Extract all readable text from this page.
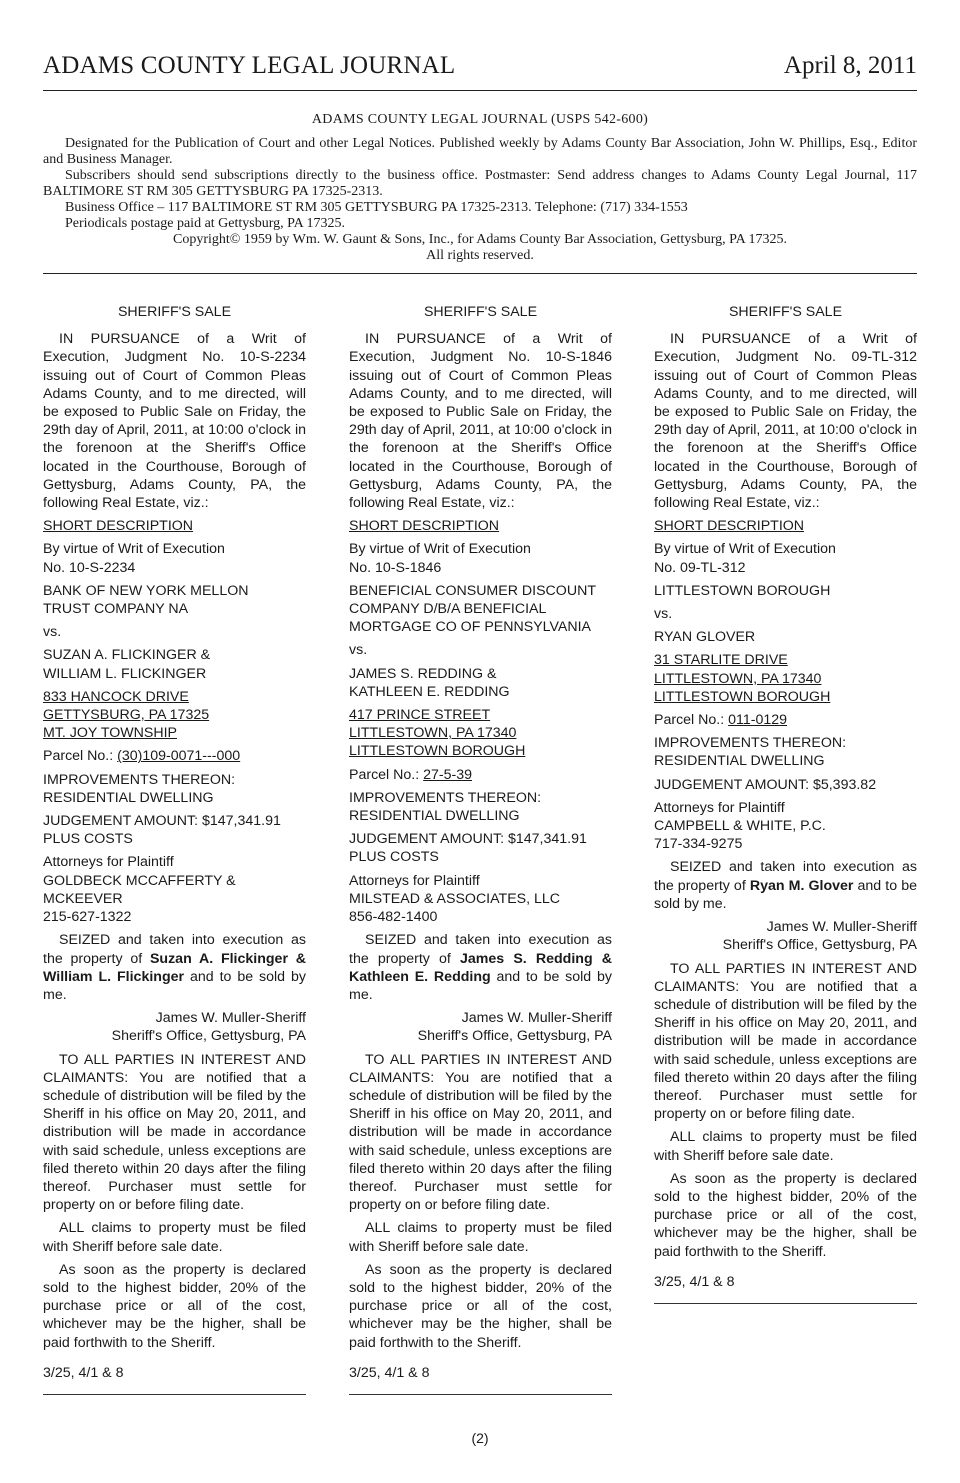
ADAMS COUNTY LEGAL JOURNAL	April 8, 2011

ADAMS COUNTY LEGAL JOURNAL (USPS 542-600)

Designated for the Publication of Court and other Legal Notices. Published weekly by Adams County Bar Association, John W. Phillips, Esq., Editor and Business Manager.

Subscribers should send subscriptions directly to the business office. Postmaster: Send address changes to Adams County Legal Journal, 117 BALTIMORE ST RM 305 GETTYSBURG PA 17325-2313.

Business Office – 117 BALTIMORE ST RM 305 GETTYSBURG PA 17325-2313. Telephone: (717) 334-1553

Periodicals postage paid at Gettysburg, PA 17325.

Copyright© 1959 by Wm. W. Gaunt & Sons, Inc., for Adams County Bar Association, Gettysburg, PA 17325.

All rights reserved.

SHERIFF'S SALE

IN PURSUANCE of a Writ of Execution, Judgment No. 10-S-2234 issuing out of Court of Common Pleas Adams County, and to me directed, will be exposed to Public Sale on Friday, the 29th day of April, 2011, at 10:00 o'clock in the forenoon at the Sheriff's Office located in the Courthouse, Borough of Gettysburg, Adams County, PA, the following Real Estate, viz.:

SHORT DESCRIPTION

By virtue of Writ of Execution
No. 10-S-2234

BANK OF NEW YORK MELLON
TRUST COMPANY NA

vs.

SUZAN A. FLICKINGER &
WILLIAM L. FLICKINGER

833 HANCOCK DRIVE
GETTYSBURG, PA 17325
MT. JOY TOWNSHIP

Parcel No.: (30)109-0071---000

IMPROVEMENTS THEREON:
RESIDENTIAL DWELLING

JUDGEMENT AMOUNT: $147,341.91
PLUS COSTS

Attorneys for Plaintiff
GOLDBECK MCCAFFERTY &
MCKEEVER
215-627-1322

SEIZED and taken into execution as the property of Suzan A. Flickinger & William L. Flickinger and to be sold by me.

James W. Muller-Sheriff

Sheriff's Office, Gettysburg, PA

TO ALL PARTIES IN INTEREST AND CLAIMANTS: You are notified that a schedule of distribution will be filed by the Sheriff in his office on May 20, 2011, and distribution will be made in accordance with said schedule, unless exceptions are filed thereto within 20 days after the filing thereof. Purchaser must settle for property on or before filing date.

ALL claims to property must be filed with Sheriff before sale date.

As soon as the property is declared sold to the highest bidder, 20% of the purchase price or all of the cost, whichever may be the higher, shall be paid forthwith to the Sheriff.

3/25, 4/1 & 8

SHERIFF'S SALE

IN PURSUANCE of a Writ of Execution, Judgment No. 10-S-1846 issuing out of Court of Common Pleas Adams County, and to me directed, will be exposed to Public Sale on Friday, the 29th day of April, 2011, at 10:00 o'clock in the forenoon at the Sheriff's Office located in the Courthouse, Borough of Gettysburg, Adams County, PA, the following Real Estate, viz.:

SHORT DESCRIPTION

By virtue of Writ of Execution
No. 10-S-1846

BENEFICIAL CONSUMER DISCOUNT
COMPANY D/B/A BENEFICIAL
MORTGAGE CO OF PENNSYLVANIA

vs.

JAMES S. REDDING &
KATHLEEN E. REDDING

417 PRINCE STREET
LITTLESTOWN, PA 17340
LITTLESTOWN BOROUGH

Parcel No.: 27-5-39

IMPROVEMENTS THEREON:
RESIDENTIAL DWELLING

JUDGEMENT AMOUNT: $147,341.91
PLUS COSTS

Attorneys for Plaintiff
MILSTEAD & ASSOCIATES, LLC
856-482-1400

SEIZED and taken into execution as the property of James S. Redding & Kathleen E. Redding and to be sold by me.

James W. Muller-Sheriff

Sheriff's Office, Gettysburg, PA

TO ALL PARTIES IN INTEREST AND CLAIMANTS: You are notified that a schedule of distribution will be filed by the Sheriff in his office on May 20, 2011, and distribution will be made in accordance with said schedule, unless exceptions are filed thereto within 20 days after the filing thereof. Purchaser must settle for property on or before filing date.

ALL claims to property must be filed with Sheriff before sale date.

As soon as the property is declared sold to the highest bidder, 20% of the purchase price or all of the cost, whichever may be the higher, shall be paid forthwith to the Sheriff.

3/25, 4/1 & 8

SHERIFF'S SALE

IN PURSUANCE of a Writ of Execution, Judgment No. 09-TL-312 issuing out of Court of Common Pleas Adams County, and to me directed, will be exposed to Public Sale on Friday, the 29th day of April, 2011, at 10:00 o'clock in the forenoon at the Sheriff's Office located in the Courthouse, Borough of Gettysburg, Adams County, PA, the following Real Estate, viz.:

SHORT DESCRIPTION

By virtue of Writ of Execution
No. 09-TL-312

LITTLESTOWN BOROUGH

vs.

RYAN GLOVER

31 STARLITE DRIVE
LITTLESTOWN, PA 17340
LITTLESTOWN BOROUGH

Parcel No.: 011-0129

IMPROVEMENTS THEREON:
RESIDENTIAL DWELLING

JUDGEMENT AMOUNT: $5,393.82

Attorneys for Plaintiff
CAMPBELL & WHITE, P.C.
717-334-9275

SEIZED and taken into execution as the property of Ryan M. Glover and to be sold by me.

James W. Muller-Sheriff

Sheriff's Office, Gettysburg, PA

TO ALL PARTIES IN INTEREST AND CLAIMANTS: You are notified that a schedule of distribution will be filed by the Sheriff in his office on May 20, 2011, and distribution will be made in accordance with said schedule, unless exceptions are filed thereto within 20 days after the filing thereof. Purchaser must settle for property on or before filing date.

ALL claims to property must be filed with Sheriff before sale date.

As soon as the property is declared sold to the highest bidder, 20% of the purchase price or all of the cost, whichever may be the higher, shall be paid forthwith to the Sheriff.

3/25, 4/1 & 8

(2)
